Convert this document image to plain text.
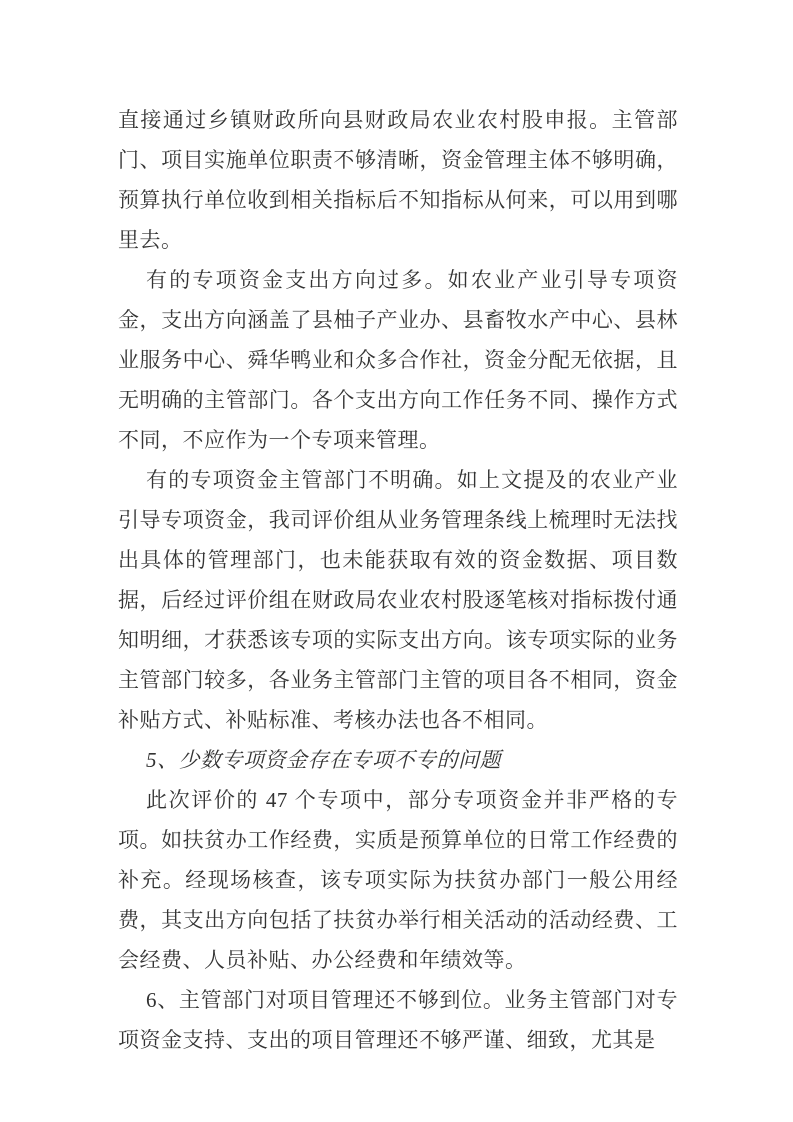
直接通过乡镇财政所向县财政局农业农村股申报。主管部门、项目实施单位职责不够清晰，资金管理主体不够明确，预算执行单位收到相关指标后不知指标从何来，可以用到哪里去。

有的专项资金支出方向过多。如农业产业引导专项资金，支出方向涵盖了县柚子产业办、县畜牧水产中心、县林业服务中心、舜华鸭业和众多合作社，资金分配无依据，且无明确的主管部门。各个支出方向工作任务不同、操作方式不同，不应作为一个专项来管理。

有的专项资金主管部门不明确。如上文提及的农业产业引导专项资金，我司评价组从业务管理条线上梳理时无法找出具体的管理部门，也未能获取有效的资金数据、项目数据，后经过评价组在财政局农业农村股逐笔核对指标拨付通知明细，才获悉该专项的实际支出方向。该专项实际的业务主管部门较多，各业务主管部门主管的项目各不相同，资金补贴方式、补贴标准、考核办法也各不相同。

5、少数专项资金存在专项不专的问题

此次评价的 47 个专项中，部分专项资金并非严格的专项。如扶贫办工作经费，实质是预算单位的日常工作经费的补充。经现场核查，该专项实际为扶贫办部门一般公用经费，其支出方向包括了扶贫办举行相关活动的活动经费、工会经费、人员补贴、办公经费和年绩效等。

6、主管部门对项目管理还不够到位。业务主管部门对专项资金支持、支出的项目管理还不够严谨、细致，尤其是
